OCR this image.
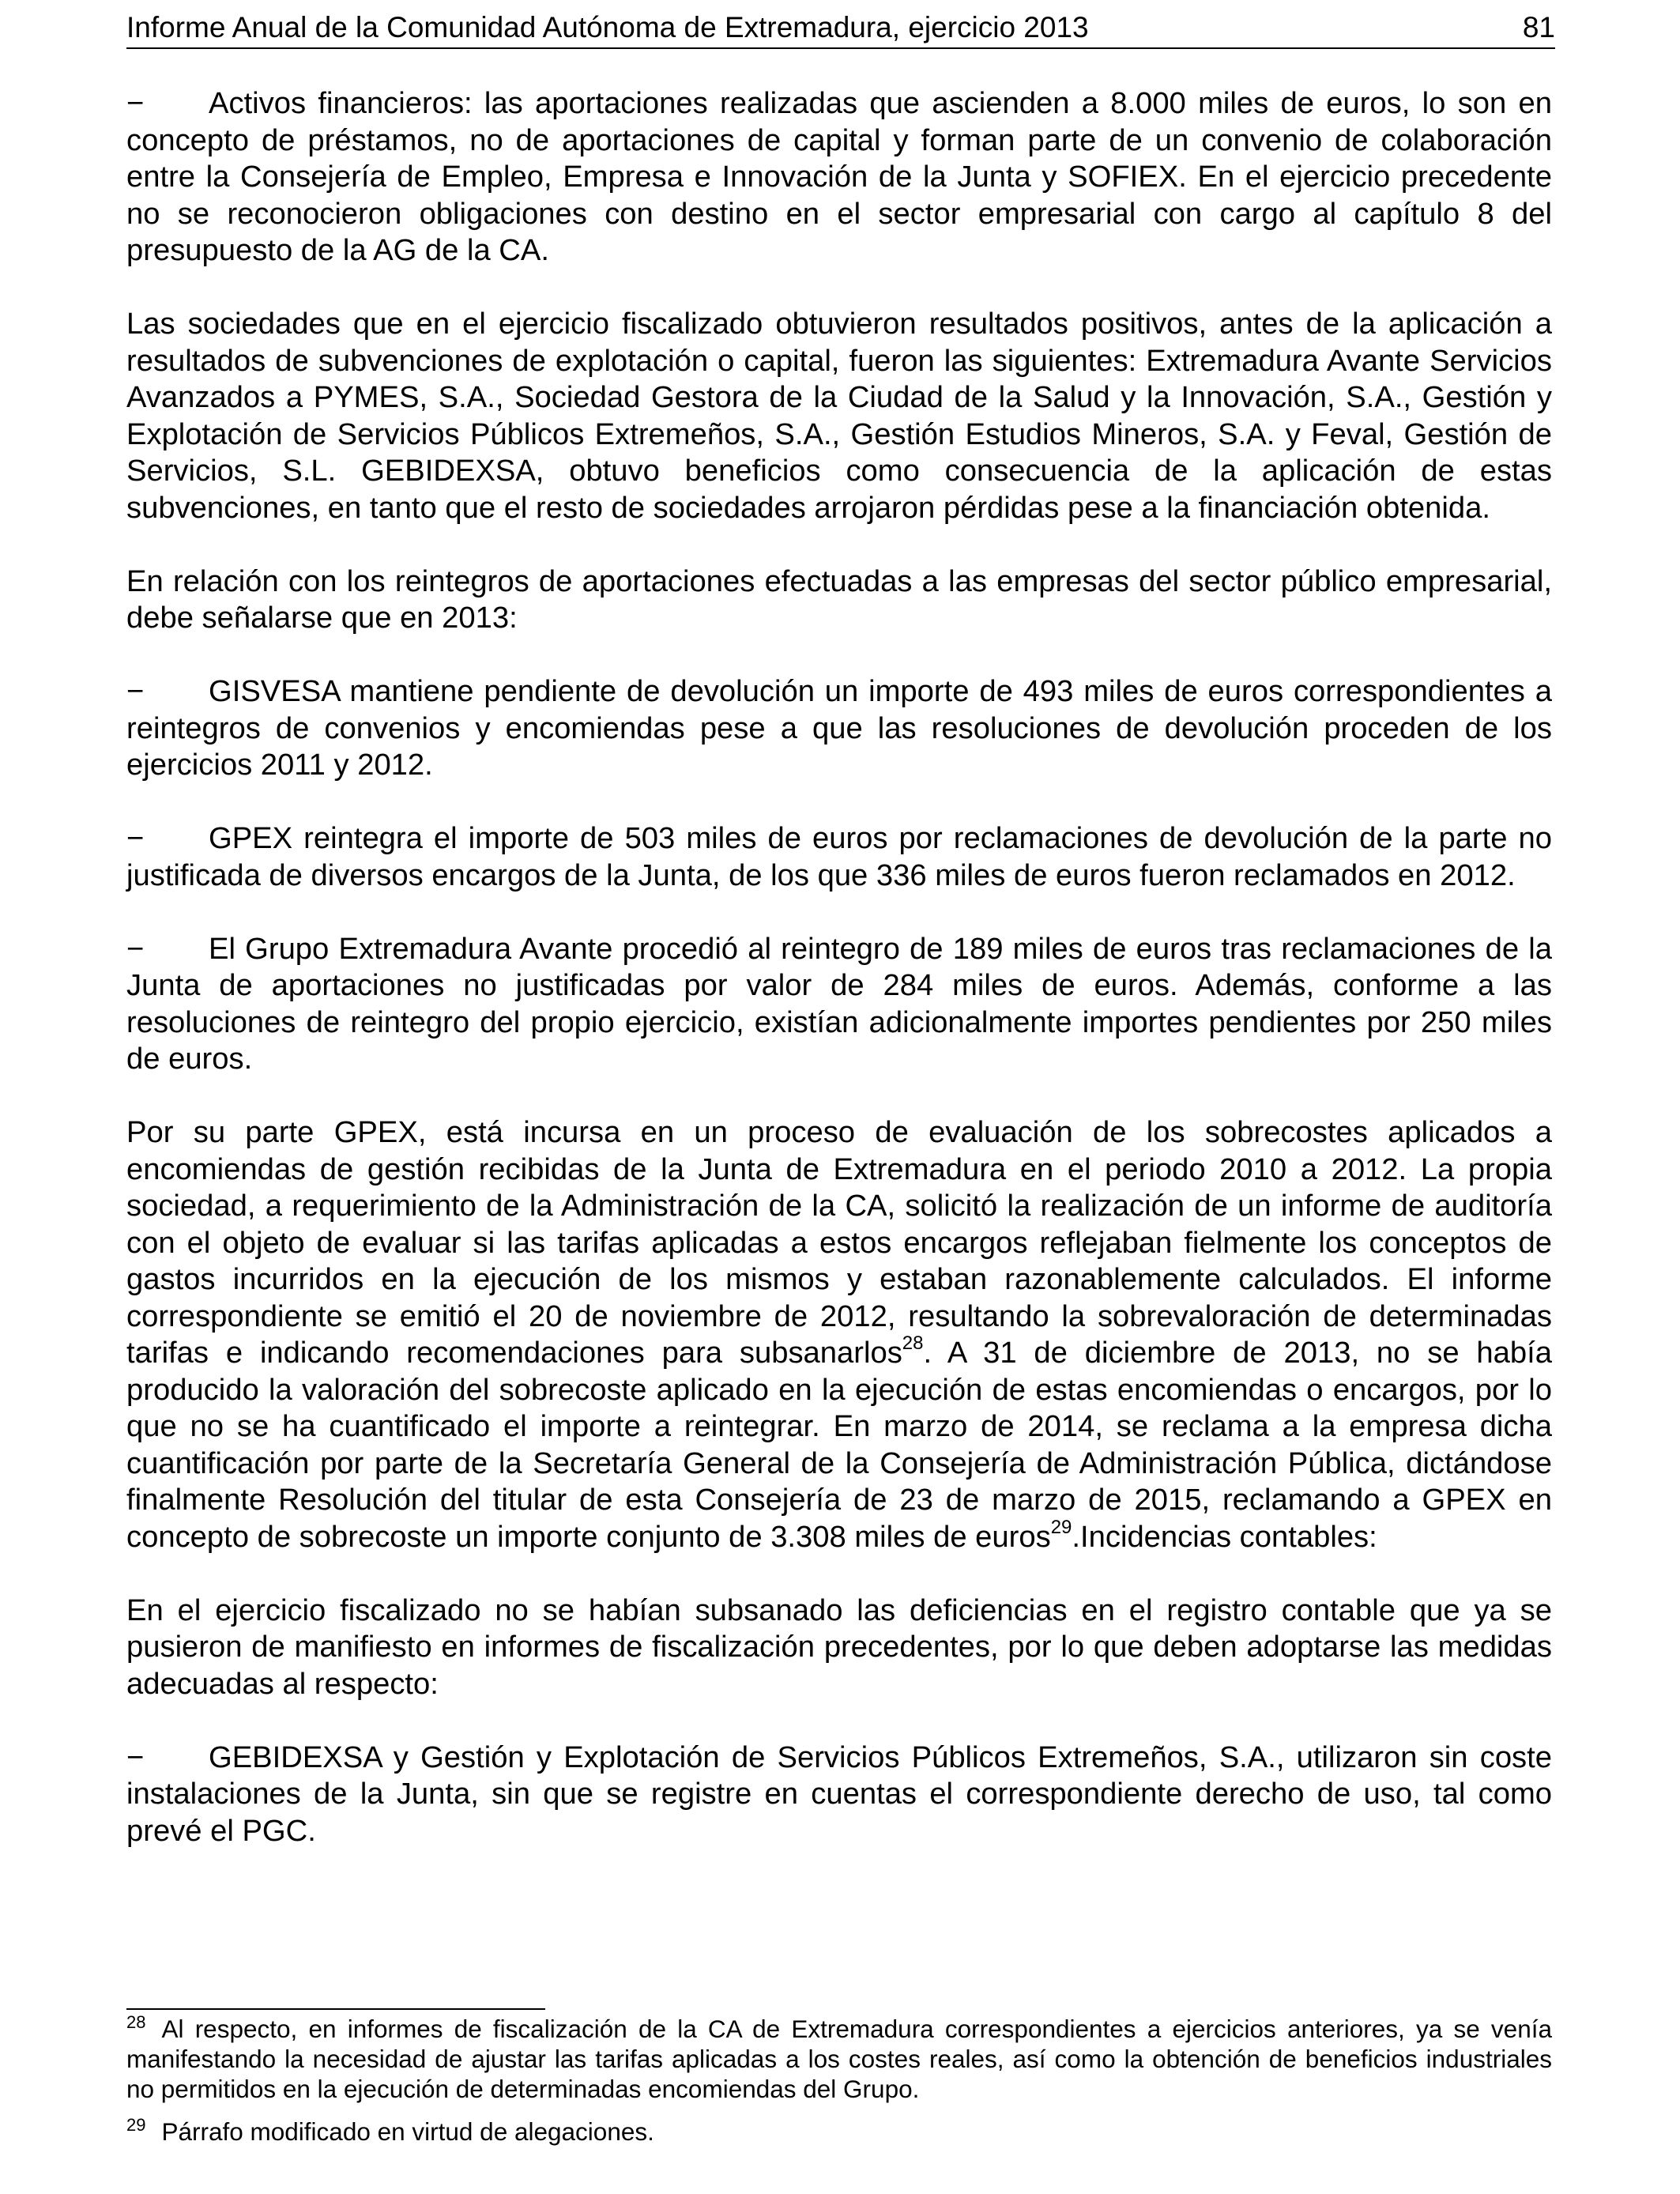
Informe Anual de la Comunidad Autónoma de Extremadura, ejercicio 2013	81

− Activos financieros: las aportaciones realizadas que ascienden a 8.000 miles de euros, lo son en concepto de préstamos, no de aportaciones de capital y forman parte de un convenio de colaboración entre la Consejería de Empleo, Empresa e Innovación de la Junta y SOFIEX. En el ejercicio precedente no se reconocieron obligaciones con destino en el sector empresarial con cargo al capítulo 8 del presupuesto de la AG de la CA.

Las sociedades que en el ejercicio fiscalizado obtuvieron resultados positivos, antes de la aplicación a resultados de subvenciones de explotación o capital, fueron las siguientes: Extremadura Avante Servicios Avanzados a PYMES, S.A., Sociedad Gestora de la Ciudad de la Salud y la Innovación, S.A., Gestión y Explotación de Servicios Públicos Extremeños, S.A., Gestión Estudios Mineros, S.A. y Feval, Gestión de Servicios, S.L. GEBIDEXSA, obtuvo beneficios como consecuencia de la aplicación de estas subvenciones, en tanto que el resto de sociedades arrojaron pérdidas pese a la financiación obtenida.

En relación con los reintegros de aportaciones efectuadas a las empresas del sector público empresarial, debe señalarse que en 2013:

− GISVESA mantiene pendiente de devolución un importe de 493 miles de euros correspondientes a reintegros de convenios y encomiendas pese a que las resoluciones de devolución proceden de los ejercicios 2011 y 2012.

− GPEX reintegra el importe de 503 miles de euros por reclamaciones de devolución de la parte no justificada de diversos encargos de la Junta, de los que 336 miles de euros fueron reclamados en 2012.

− El Grupo Extremadura Avante procedió al reintegro de 189 miles de euros tras reclamaciones de la Junta de aportaciones no justificadas por valor de 284 miles de euros. Además, conforme a las resoluciones de reintegro del propio ejercicio, existían adicionalmente importes pendientes por 250 miles de euros.

Por su parte GPEX, está incursa en un proceso de evaluación de los sobrecostes aplicados a encomiendas de gestión recibidas de la Junta de Extremadura en el periodo 2010 a 2012. La propia sociedad, a requerimiento de la Administración de la CA, solicitó la realización de un informe de auditoría con el objeto de evaluar si las tarifas aplicadas a estos encargos reflejaban fielmente los conceptos de gastos incurridos en la ejecución de los mismos y estaban razonablemente calculados. El informe correspondiente se emitió el 20 de noviembre de 2012, resultando la sobrevaloración de determinadas tarifas e indicando recomendaciones para subsanarlos$^{28}$. A 31 de diciembre de 2013, no se había producido la valoración del sobrecoste aplicado en la ejecución de estas encomiendas o encargos, por lo que no se ha cuantificado el importe a reintegrar. En marzo de 2014, se reclama a la empresa dicha cuantificación por parte de la Secretaría General de la Consejería de Administración Pública, dictándose finalmente Resolución del titular de esta Consejería de 23 de marzo de 2015, reclamando a GPEX en concepto de sobrecoste un importe conjunto de 3.308 miles de euros$^{29}$.Incidencias contables:

En el ejercicio fiscalizado no se habían subsanado las deficiencias en el registro contable que ya se pusieron de manifiesto en informes de fiscalización precedentes, por lo que deben adoptarse las medidas adecuadas al respecto:

− GEBIDEXSA y Gestión y Explotación de Servicios Públicos Extremeños, S.A., utilizaron sin coste instalaciones de la Junta, sin que se registre en cuentas el correspondiente derecho de uso, tal como prevé el PGC.

$^{28}$ Al respecto, en informes de fiscalización de la CA de Extremadura correspondientes a ejercicios anteriores, ya se venía manifestando la necesidad de ajustar las tarifas aplicadas a los costes reales, así como la obtención de beneficios industriales no permitidos en la ejecución de determinadas encomiendas del Grupo.

$^{29}$ Párrafo modificado en virtud de alegaciones.
